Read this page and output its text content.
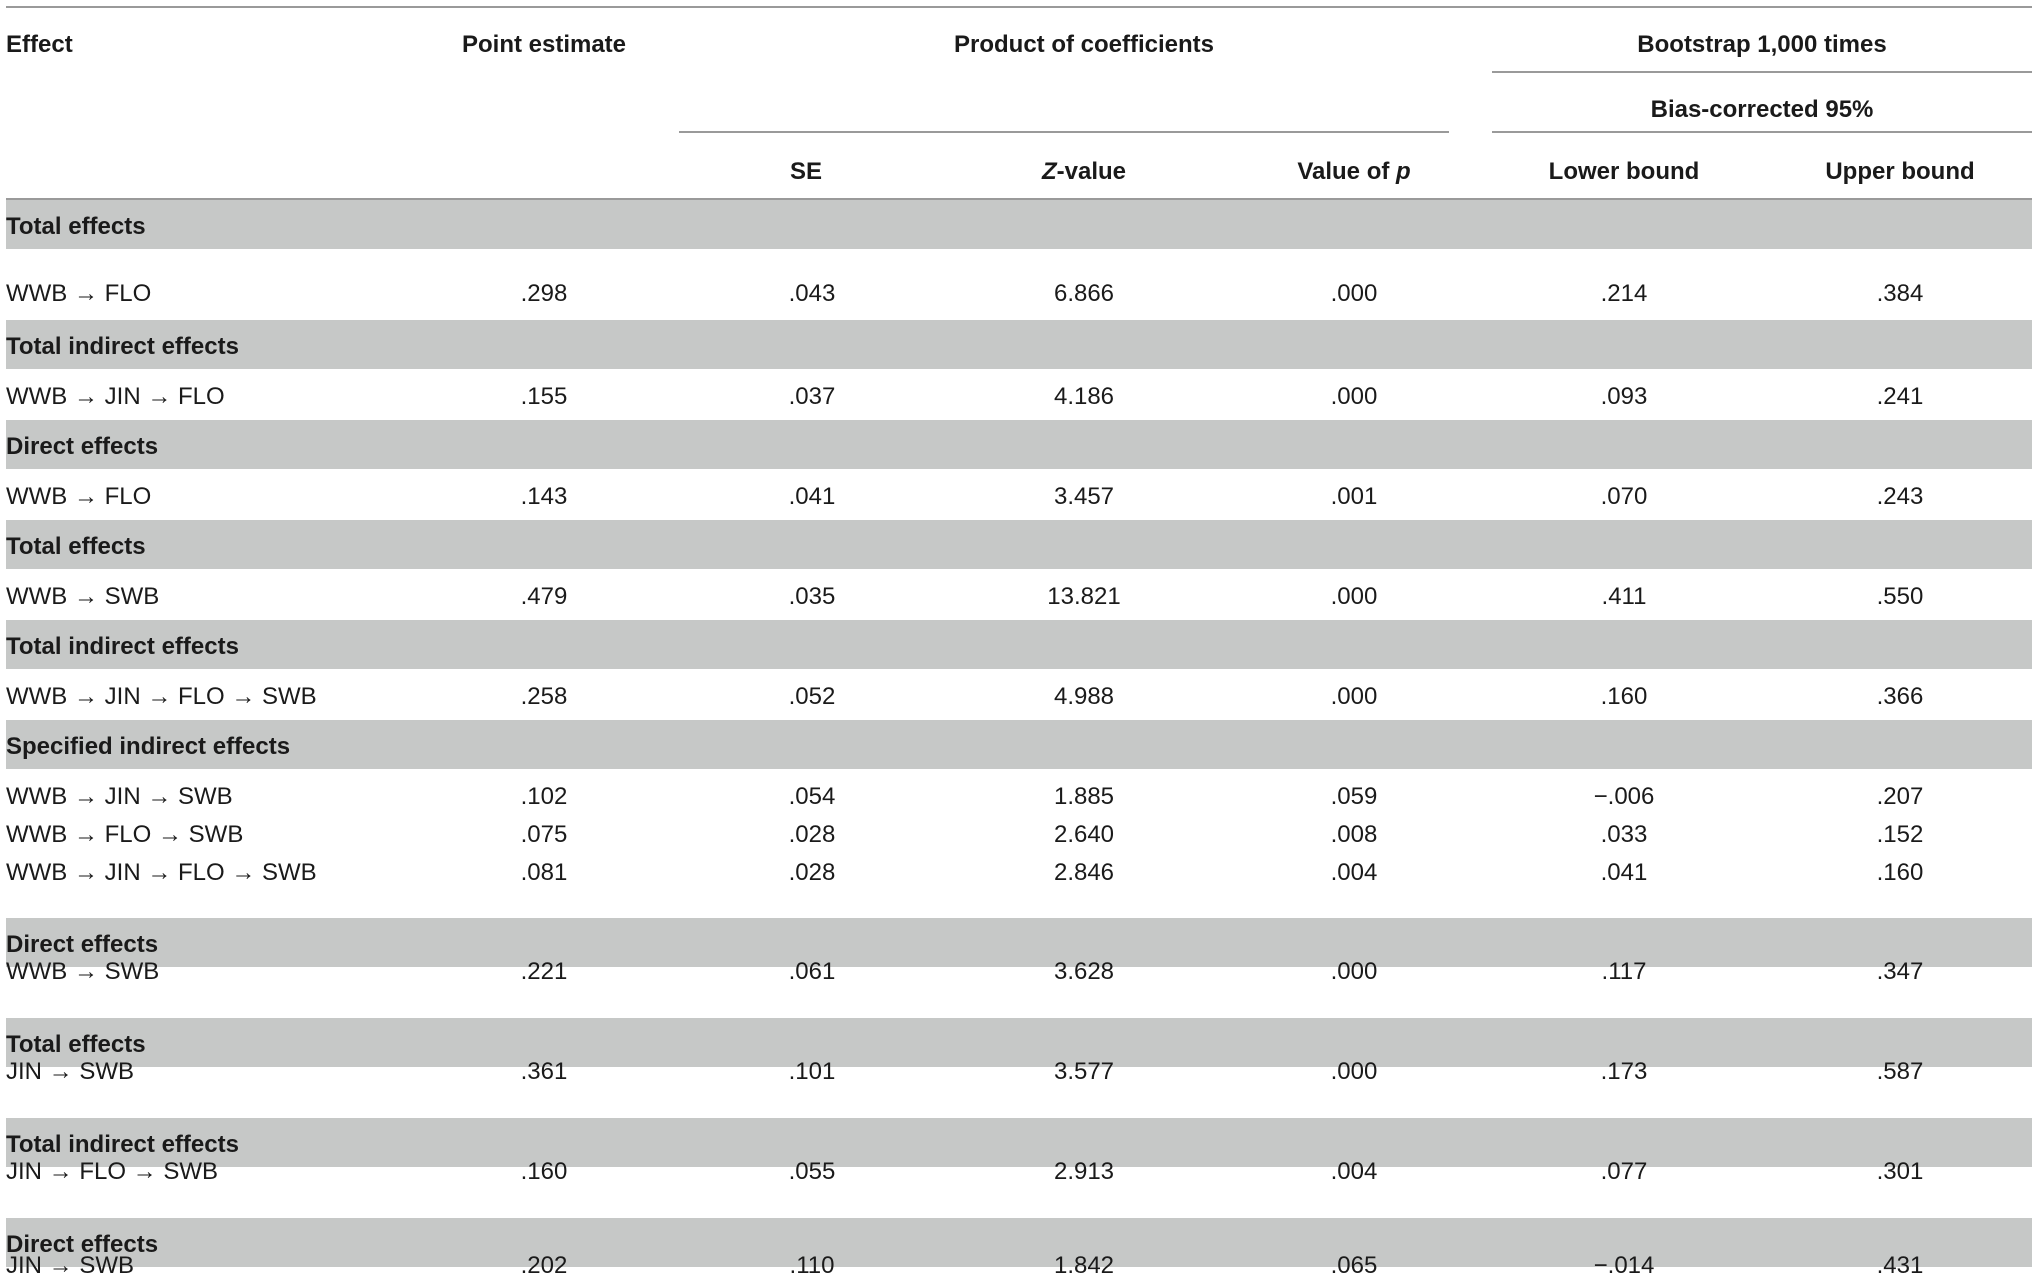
Effect	Point estimate	Product of coefficients	Bootstrap 1,000 times
Bias-corrected 95%
SE	Z-value	Value of p	Lower bound	Upper bound
Total effects
WWB → FLO	.298	.043	6.866	.000	.214	.384
Total indirect effects
WWB → JIN → FLO	.155	.037	4.186	.000	.093	.241
Direct effects
WWB → FLO	.143	.041	3.457	.001	.070	.243
Total effects
WWB → SWB	.479	.035	13.821	.000	.411	.550
Total indirect effects
WWB → JIN → FLO → SWB	.258	.052	4.988	.000	.160	.366
Specified indirect effects
WWB → JIN → SWB	.102	.054	1.885	.059	−.006	.207
WWB → FLO → SWB	.075	.028	2.640	.008	.033	.152
WWB → JIN → FLO → SWB	.081	.028	2.846	.004	.041	.160
Direct effects
WWB → SWB	.221	.061	3.628	.000	.117	.347
Total effects
JIN → SWB	.361	.101	3.577	.000	.173	.587
Total indirect effects
JIN → FLO → SWB	.160	.055	2.913	.004	.077	.301
Direct effects
JIN → SWB	.202	.110	1.842	.065	−.014	.431
